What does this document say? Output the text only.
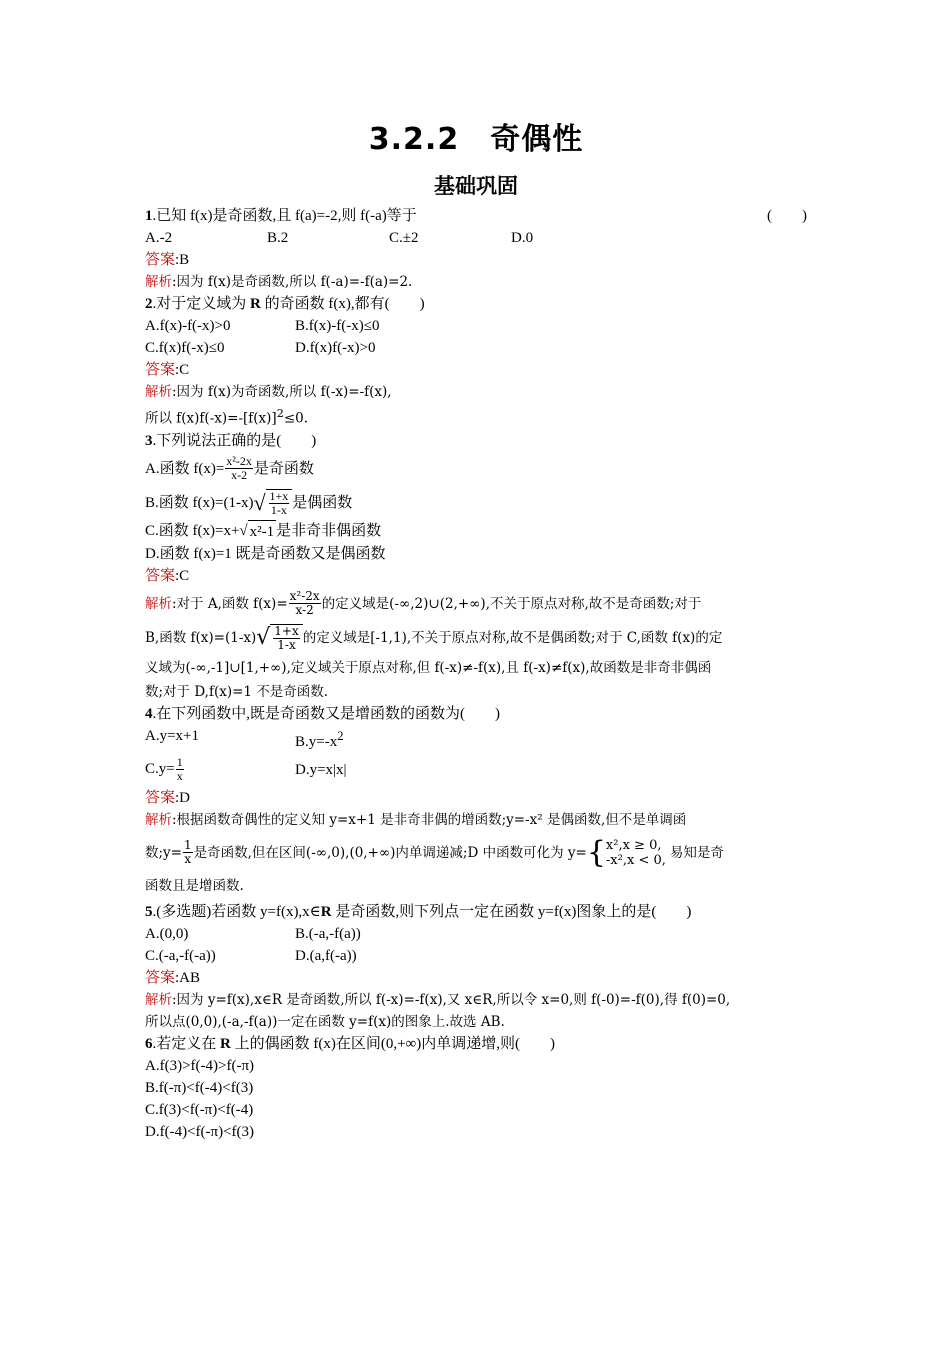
3.2.2　奇偶性
基础巩固
1.已知 f(x)是奇函数,且 f(a)=-2,则 f(-a)等于	(　　)
A.-2	B.2	C.±2	D.0
答案:B
解析:因为 f(x)是奇函数,所以 f(-a)=-f(a)=2.
2.对于定义域为 R 的奇函数 f(x),都有(　　)
A.f(x)-f(-x)>0	B.f(x)-f(-x)≤0
C.f(x)f(-x)≤0	D.f(x)f(-x)>0
答案:C
解析:因为 f(x)为奇函数,所以 f(-x)=-f(x),
所以 $f(x)f(-x)=-[f(x)]^2\le 0$.
3.下列说法正确的是(　　)
A.函数 $f(x)= \frac{\text{x²-2x}}{x-2}$ 是奇函数
B.函数 f(x)=(1-x) √ $\frac{1+x}{1-x}$ 是偶函数
C.函数 f(x)=x+ √ x²-1 是非奇非偶函数
D.函数 f(x)=1 既是奇函数又是偶函数
答案:C
解析 :对于 A,函数 $f(x)= \frac{\text{x²-2x}}{x-2}$ 的定义域是(-∞,2)∪(2,+∞),不关于原点对称,故不是奇函数;对于
B,函数 f(x)=(1-x) √ $\frac{1+x}{1-x}$ 的定义域是[-1,1),不关于原点对称,故不是偶函数;对于 C,函数 f(x)的定
义域为(-∞,-1]∪[1,+∞),定义域关于原点对称,但 f(-x)≠-f(x),且 f(-x)≠f(x),故函数是非奇非偶函
数;对于 D,f(x)=1 不是奇函数.
4.在下列函数中,既是奇函数又是增函数的函数为(　　)
A.y=x+1	$B.y=-x^2$
$C.y= \frac{1}{x}$	D.y=x|x|
答案:D
解析:根据函数奇偶性的定义知 y=x+1 是非奇非偶的增函数;y=-x² 是偶函数,但不是单调函
数;y= $\frac{1}{x}$ 是奇函数,但在区间(-∞,0),(0,+∞)内单调递减;D 中函数可化为 y= { x²,x ≥ 0,
-x²,x < 0, 易知是奇
函数且是增函数.
5.(多选题)若函数 y=f(x),x∈R 是奇函数,则下列点一定在函数 y=f(x)图象上的是(　　)
A.(0,0)	B.(-a,-f(a))
C.(-a,-f(-a))	D.(a,f(-a))
答案:AB
解析:因为 y=f(x),x∈R 是奇函数,所以 f(-x)=-f(x),又 x∈R,所以令 x=0,则 f(-0)=-f(0),得 f(0)=0,
所以点(0,0),(-a,-f(a))一定在函数 y=f(x)的图象上.故选 AB.
6.若定义在 R 上的偶函数 f(x)在区间(0,+∞)内单调递增,则(　　)
A.f(3)>f(-4)>f(-π)
B.f(-π)<f(-4)<f(3)
C.f(3)<f(-π)<f(-4)
D.f(-4)<f(-π)<f(3)
